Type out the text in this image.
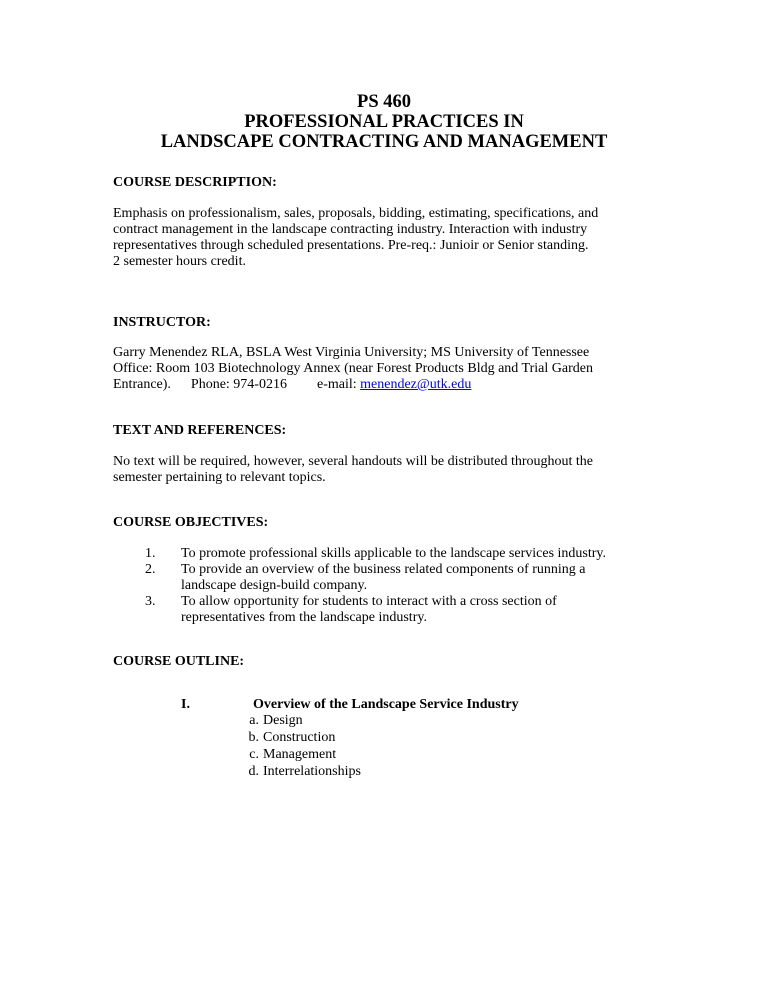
PS 460
PROFESSIONAL PRACTICES IN
LANDSCAPE CONTRACTING AND MANAGEMENT
COURSE DESCRIPTION:
Emphasis on professionalism, sales, proposals, bidding, estimating, specifications, and
contract management in the landscape contracting industry. Interaction with industry
representatives through scheduled presentations. Pre-req.: Junioir or Senior standing.
2 semester hours credit.
INSTRUCTOR:
Garry Menendez RLA, BSLA West Virginia University; MS University of Tennessee
Office: Room 103 Biotechnology Annex (near Forest Products Bldg and Trial Garden
Entrance). Phone: 974-0216 e-mail: menendez@utk.edu
TEXT AND REFERENCES:
No text will be required, however, several handouts will be distributed throughout the
semester pertaining to relevant topics.
COURSE OBJECTIVES:
1. To promote professional skills applicable to the landscape services industry.
2. To provide an overview of the business related components of running a
landscape design-build company.
3. To allow opportunity for students to interact with a cross section of
representatives from the landscape industry.
COURSE OUTLINE:
I.	Overview of the Landscape Service Industry
a. Design
b. Construction
c. Management
d. Interrelationships
